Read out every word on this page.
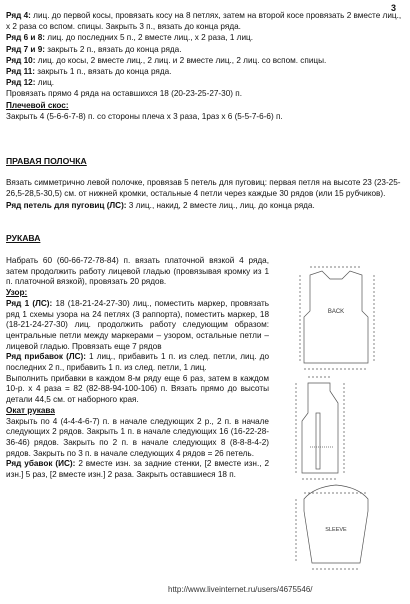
3

Ряд 4: лиц. до первой косы, провязать косу на 8 петлях, затем на второй косе провязать 2 вместе лиц., х 2 раза со вспом. спицы. Закрыть 3 п., вязать до конца ряда.

Ряд 6 и 8: лиц. до последних 5 п., 2 вместе лиц., х 2 раза, 1 лиц.

Ряд 7 и 9: закрыть 2 п., вязать до конца ряда.

Ряд 10: лиц. до косы, 2 вместе лиц., 2 лиц. и 2 вместе лиц., 2 лиц. со вспом. спицы.

Ряд 11: закрыть 1 п., вязать до конца ряда.

Ряд 12: лиц.

Провязать прямо 4 ряда на оставшихся 18 (20-23-25-27-30) п.

Плечевой скос:

Закрыть 4 (5-6-6-7-8) п. со стороны плеча х 3 раза, 1раз х 6 (5-5-7-6-6) п.

ПРАВАЯ ПОЛОЧКА

Вязать симметрично левой полочке, провязав 5 петель для пуговиц: первая петля на высоте 23 (23-25-26,5-28,5-30,5) см. от нижней кромки, остальные 4 петли через каждые 30 рядов (или 15 рубчиков).

Ряд петель для пуговиц (ЛС): 3 лиц., накид, 2 вместе лиц., лиц. до конца ряда.

РУКАВА

Набрать 60 (60-66-72-78-84) п. вязать платочной вязкой 4 ряда, затем продолжить работу лицевой гладью (провязывая кромку из 1 п. платочной вязкой), провязать 20 рядов.

Узор:

Ряд 1 (ЛС): 18 (18-21-24-27-30) лиц., поместить маркер, провязать ряд 1 схемы узора на 24 петлях (3 раппорта), поместить маркер, 18 (18-21-24-27-30) лиц. продолжить работу следующим образом: центральные петли между маркерами – узором, остальные петли – лицевой гладью. Провязать еще 7 рядов

Ряд прибавок (ЛС): 1 лиц., прибавить 1 п. из след. петли, лиц. до последних 2 п., прибавить 1 п. из след. петли, 1 лиц.

Выполнить прибавки в каждом 8-м ряду еще 6 раз, затем в каждом 10-р. х 4 раза = 82 (82-88-94-100-106) п. Вязать прямо до высоты детали 44,5 см. от наборного края.

Окат рукава

Закрыть по 4 (4-4-4-6-7) п. в начале следующих 2 р., 2 п. в начале следующих 2 рядов. Закрыть 1 п. в начале следующих 16 (16-22-28-36-46) рядов. Закрыть по 2 п. в начале следующих 8 (8-8-8-4-2) рядов. Закрыть по 3 п. в начале следующих 4 рядов = 26 петель.

Ряд убавок (ИС): 2 вместе изн. за задние стенки, [2 вместе изн., 2 изн.] 5 раз, [2 вместе изн.] 2 раза. Закрыть оставшиеся 18 п.

BACK
SLEEVE
http://www.liveinternet.ru/users/4675546/
